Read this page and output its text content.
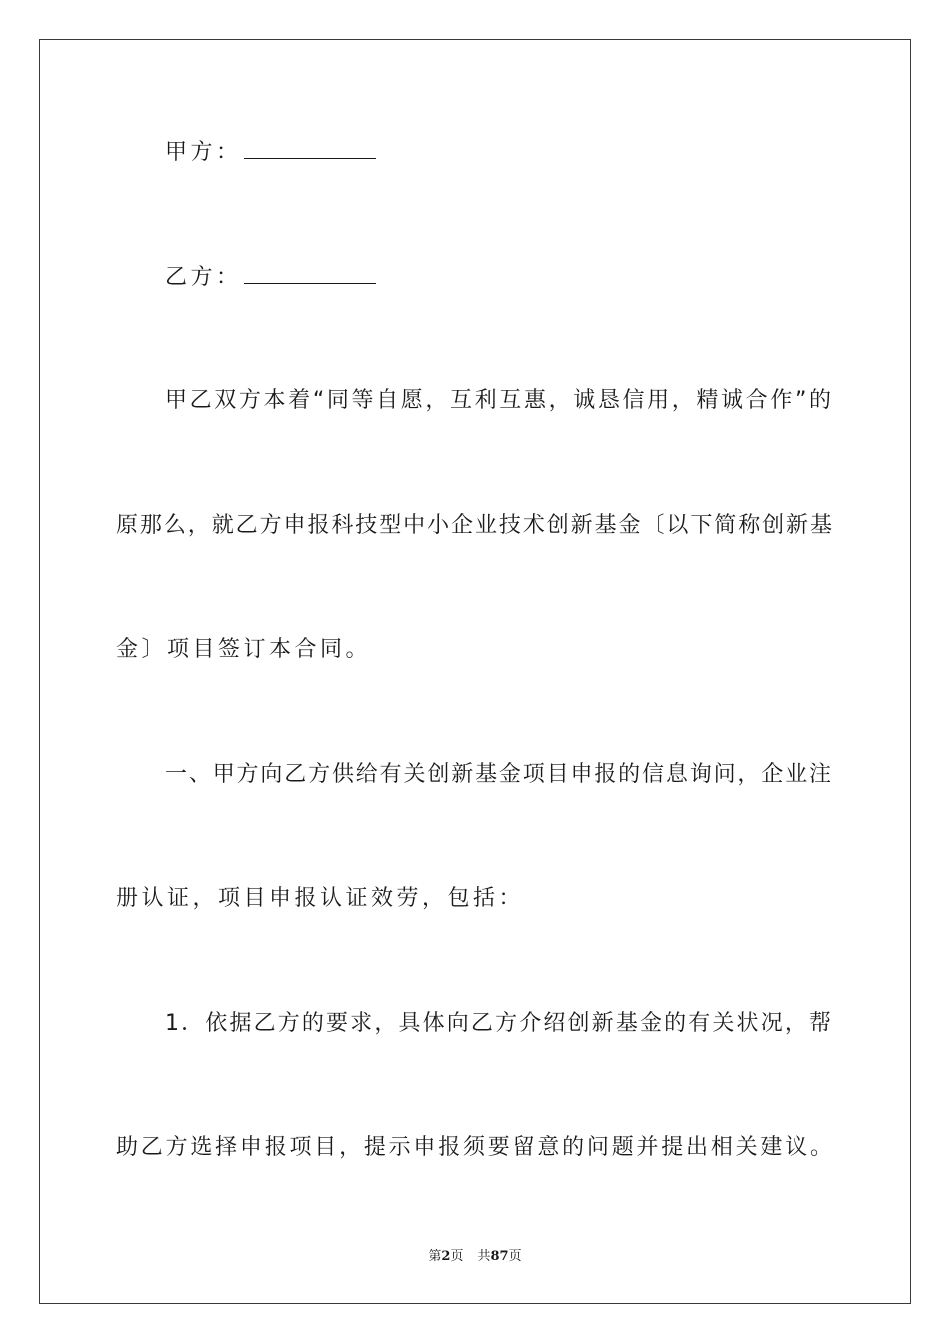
甲方：
乙方：
甲乙双方本着“同等自愿，互利互惠，诚恳信用，精诚合作”的
原那么，就乙方申报科技型中小企业技术创新基金〔以下简称创新基
金〕项目签订本合同。
一、甲方向乙方供给有关创新基金项目申报的信息询问，企业注
册认证，项目申报认证效劳，包括：
1．依据乙方的要求，具体向乙方介绍创新基金的有关状况，帮
助乙方选择申报项目，提示申报须要留意的问题并提出相关建议。
第2页 共87页
